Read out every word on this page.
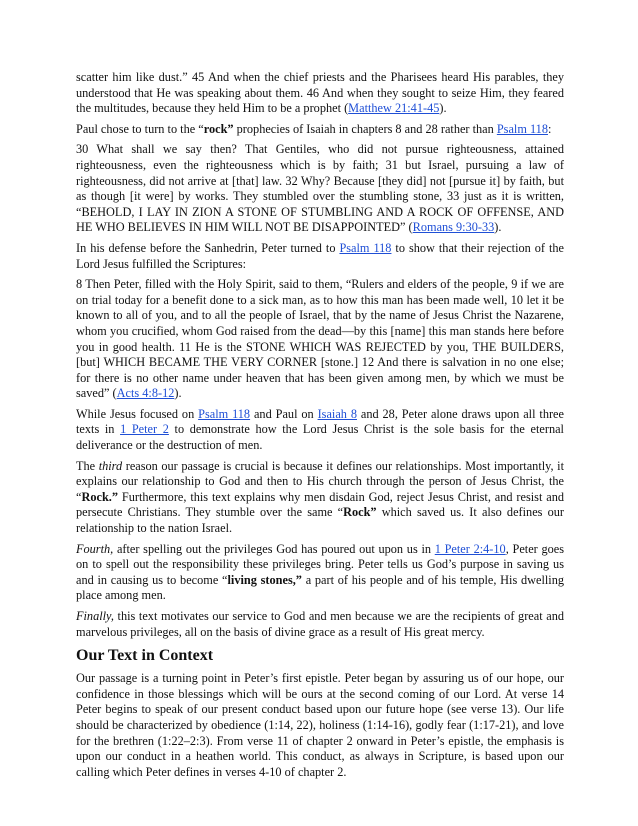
scatter him like dust.” 45 And when the chief priests and the Pharisees heard His parables, they understood that He was speaking about them. 46 And when they sought to seize Him, they feared the multitudes, because they held Him to be a prophet (Matthew 21:41-45).

Paul chose to turn to the “rock” prophecies of Isaiah in chapters 8 and 28 rather than Psalm 118:

30 What shall we say then? That Gentiles, who did not pursue righteousness, attained righteousness, even the righteousness which is by faith; 31 but Israel, pursuing a law of righteousness, did not arrive at [that] law. 32 Why? Because [they did] not [pursue it] by faith, but as though [it were] by works. They stumbled over the stumbling stone, 33 just as it is written, “BEHOLD, I LAY IN ZION A STONE OF STUMBLING AND A ROCK OF OFFENSE, AND HE WHO BELIEVES IN HIM WILL NOT BE DISAPPOINTED” (Romans 9:30-33).

In his defense before the Sanhedrin, Peter turned to Psalm 118 to show that their rejection of the Lord Jesus fulfilled the Scriptures:

8 Then Peter, filled with the Holy Spirit, said to them, “Rulers and elders of the people, 9 if we are on trial today for a benefit done to a sick man, as to how this man has been made well, 10 let it be known to all of you, and to all the people of Israel, that by the name of Jesus Christ the Nazarene, whom you crucified, whom God raised from the dead—by this [name] this man stands here before you in good health. 11 He is the STONE WHICH WAS REJECTED by you, THE BUILDERS, [but] WHICH BECAME THE VERY CORNER [stone.] 12 And there is salvation in no one else; for there is no other name under heaven that has been given among men, by which we must be saved” (Acts 4:8-12).

While Jesus focused on Psalm 118 and Paul on Isaiah 8 and 28, Peter alone draws upon all three texts in 1 Peter 2 to demonstrate how the Lord Jesus Christ is the sole basis for the eternal deliverance or the destruction of men.

The third reason our passage is crucial is because it defines our relationships. Most importantly, it explains our relationship to God and then to His church through the person of Jesus Christ, the “Rock.” Furthermore, this text explains why men disdain God, reject Jesus Christ, and resist and persecute Christians. They stumble over the same “Rock” which saved us. It also defines our relationship to the nation Israel.

Fourth, after spelling out the privileges God has poured out upon us in 1 Peter 2:4-10, Peter goes on to spell out the responsibility these privileges bring. Peter tells us God’s purpose in saving us and in causing us to become “living stones,” a part of his people and of his temple, His dwelling place among men.

Finally, this text motivates our service to God and men because we are the recipients of great and marvelous privileges, all on the basis of divine grace as a result of His great mercy.

Our Text in Context

Our passage is a turning point in Peter’s first epistle. Peter began by assuring us of our hope, our confidence in those blessings which will be ours at the second coming of our Lord. At verse 14 Peter begins to speak of our present conduct based upon our future hope (see verse 13). Our life should be characterized by obedience (1:14, 22), holiness (1:14-16), godly fear (1:17-21), and love for the brethren (1:22–2:3). From verse 11 of chapter 2 onward in Peter’s epistle, the emphasis is upon our conduct in a heathen world. This conduct, as always in Scripture, is based upon our calling which Peter defines in verses 4-10 of chapter 2.
